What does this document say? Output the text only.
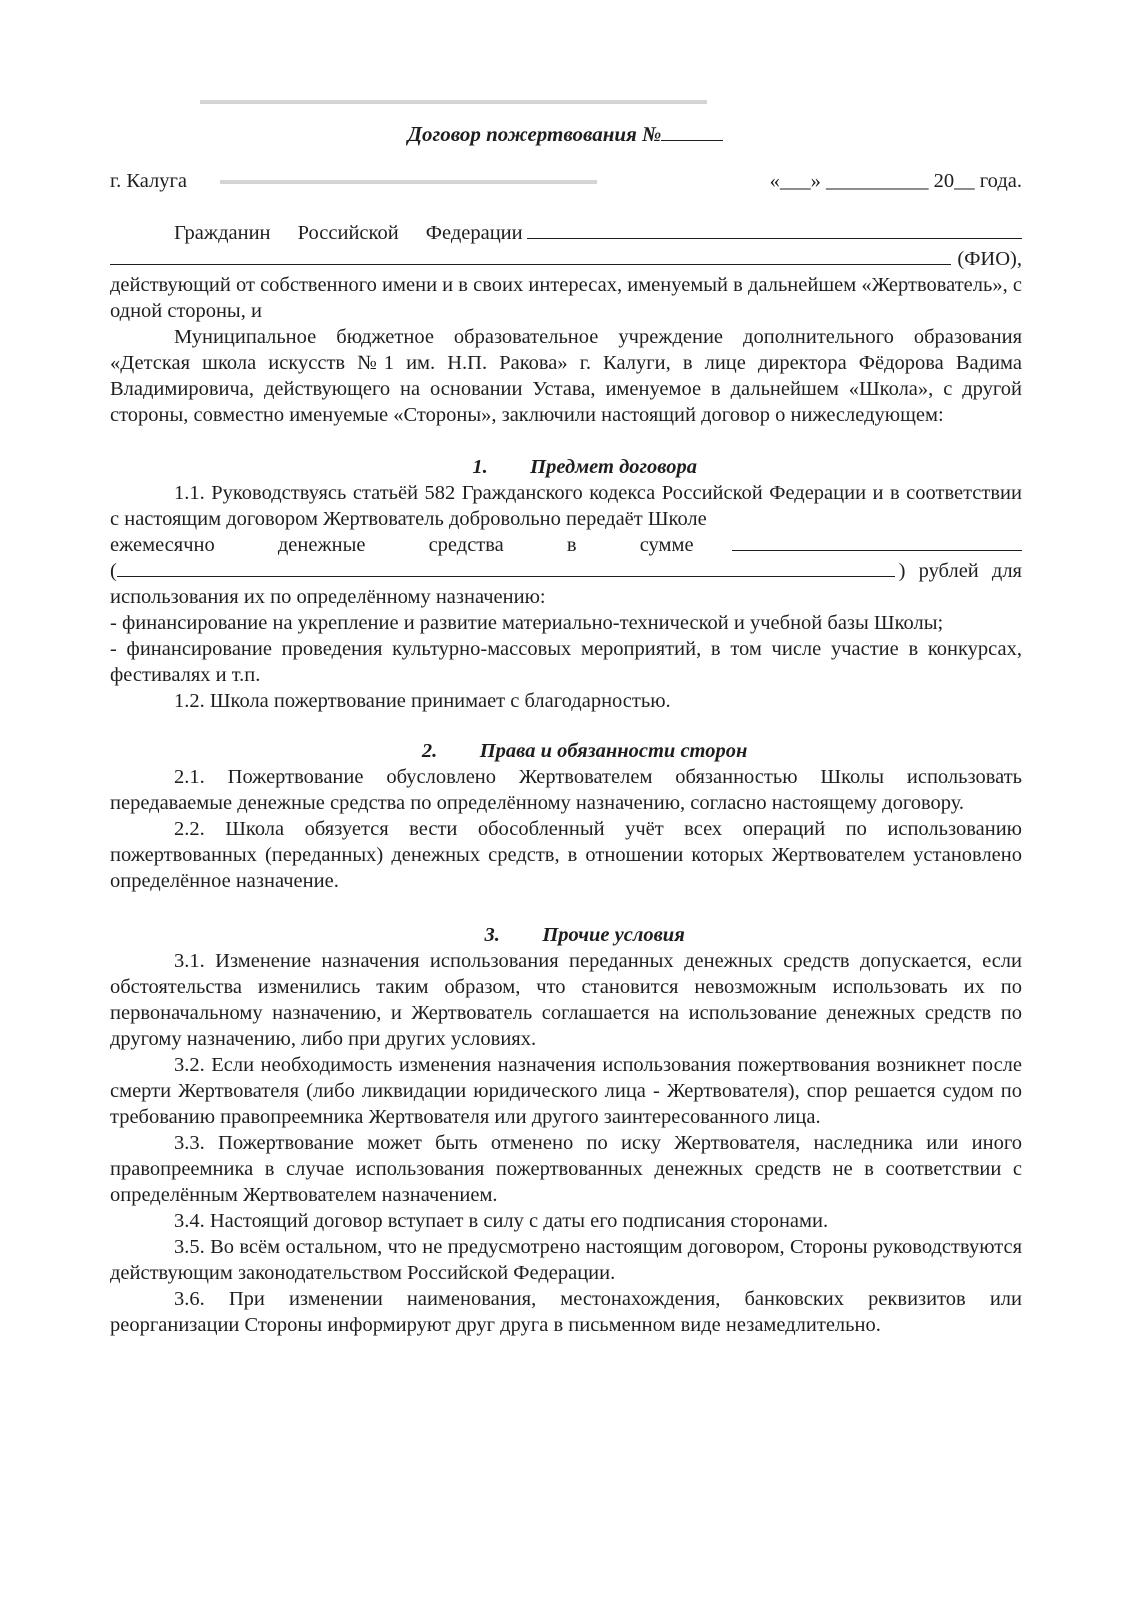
▬▬▬▬▬▬▬▬▬▬▬▬▬▬▬▬▬▬▬▬▬▬▬▬▬▬▬▬▬▬▬▬▬▬▬▬▬▬▬
▬▬▬▬▬▬▬▬▬▬▬▬▬▬▬▬▬▬▬▬▬▬▬▬▬▬▬▬▬
Договор пожертвования №
г. Калуга	«___» __________ 20__ года.
Гражданин Российской Федерации
(ФИО),

действующий от собственного имени и в своих интересах, именуемый в дальнейшем «Жертвователь», с одной стороны, и

Муниципальное бюджетное образовательное учреждение дополнительного образования «Детская школа искусств №1 им. Н.П. Ракова» г. Калуги, в лице директора Фёдорова Вадима Владимировича, действующего на основании Устава, именуемое в дальнейшем «Школа», с другой стороны, совместно именуемые «Стороны», заключили настоящий договор о нижеследующем:

1. Предмет договора

1.1. Руководствуясь статьёй 582 Гражданского кодекса Российской Федерации и в соответствии с настоящим договором Жертвователь добровольно передаёт Школе

ежемесячно денежные средства в сумме
(	) рублей для

использования их по определённому назначению:

- финансирование на укрепление и развитие материально-технической и учебной базы Школы;

- финансирование проведения культурно-массовых мероприятий, в том числе участие в конкурсах, фестивалях и т.п.

1.2. Школа пожертвование принимает с благодарностью.

2. Права и обязанности сторон

2.1. Пожертвование обусловлено Жертвователем обязанностью Школы использовать передаваемые денежные средства по определённому назначению, согласно настоящему договору.

2.2. Школа обязуется вести обособленный учёт всех операций по использованию пожертвованных (переданных) денежных средств, в отношении которых Жертвователем установлено определённое назначение.

3. Прочие условия

3.1. Изменение назначения использования переданных денежных средств допускается, если обстоятельства изменились таким образом, что становится невозможным использовать их по первоначальному назначению, и Жертвователь соглашается на использование денежных средств по другому назначению, либо при других условиях.

3.2. Если необходимость изменения назначения использования пожертвования возникнет после смерти Жертвователя (либо ликвидации юридического лица - Жертвователя), спор решается судом по требованию правопреемника Жертвователя или другого заинтересованного лица.

3.3. Пожертвование может быть отменено по иску Жертвователя, наследника или иного правопреемника в случае использования пожертвованных денежных средств не в соответствии с определённым Жертвователем назначением.

3.4. Настоящий договор вступает в силу с даты его подписания сторонами.

3.5. Во всём остальном, что не предусмотрено настоящим договором, Стороны руководствуются действующим законодательством Российской Федерации.

3.6. При изменении наименования, местонахождения, банковских реквизитов или реорганизации Стороны информируют друг друга в письменном виде незамедлительно.
